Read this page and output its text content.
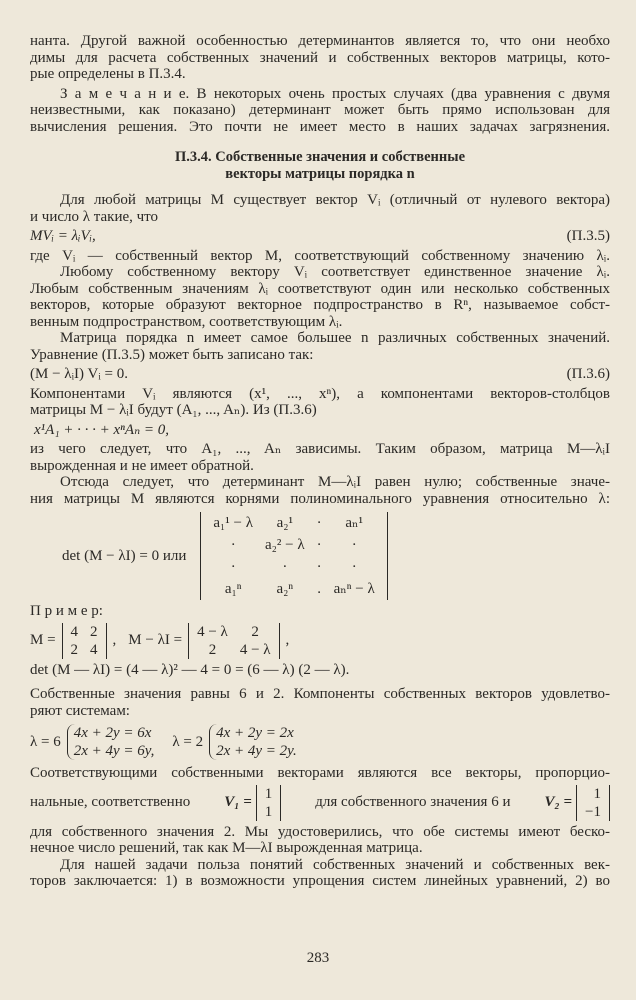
нанта. Другой важной особенностью детерминантов является то, что они необхо
димы для расчета собственных значений и собственных векторов матрицы, кото-
рые определены в П.3.4.
З а м е ч а н и е. В некоторых очень простых случаях (два уравнения с двумя
неизвестными, как показано) детерминант может быть прямо использован для
вычисления решения. Это почти не имеет место в наших задачах загрязнения.
П.3.4. Собственные значения и собственные
векторы матрицы порядка n
Для любой матрицы M существует вектор Vᵢ (отличный от нулевого вектора)
и число λ такие, что
MVᵢ = λᵢVᵢ,	(П.3.5)
где Vᵢ — собственный вектор M, соответствующий собственному значению λᵢ.
Любому собственному вектору Vᵢ соответствует единственное значение λᵢ.
Любым собственным значениям λᵢ соответствуют один или несколько собственных
векторов, которые образуют векторное подпространство в Rⁿ, называемое собст-
венным подпространством, соответствующим λᵢ.
Матрица порядка n имеет самое большее n различных собственных значений.
Уравнение (П.3.5) может быть записано так:
(M − λᵢI) Vᵢ = 0.	(П.3.6)
Компонентами Vᵢ являются (x¹, ..., xⁿ), а компонентами векторов-столбцов
матрицы M − λᵢI будут (A₁, ..., Aₙ). Из (П.3.6)
x¹A₁ + · · · + xⁿAₙ = 0,
из чего следует, что A₁, ..., Aₙ зависимы. Таким образом, матрица M—λᵢI
вырожденная и не имеет обратной.
Отсюда следует, что детерминант M—λᵢI равен нулю; собственные значе-
ния матрицы M являются корнями полиноминального уравнения относительно λ:
det (M − λI) = 0 или
a₁¹ − λ	a₂¹	·	aₙ¹
·	a₂² − λ ·	·
·	·	·	·
a₁ⁿ	a₂ⁿ	. aₙⁿ − λ
П р и м е р:
M =
4 2
2 4
, M − λI =
4 − λ	2
2	4 − λ
,
det (M — λI) = (4 — λ)² — 4 = 0 = (6 — λ) (2 — λ).
Собственные значения равны 6 и 2. Компоненты собственных векторов удовлетво-
ряют системам:
λ = 6
4x + 2y = 6x
2x + 4y = 6y,
λ = 2
4x + 2y = 2x
2x + 4y = 2y.
Соответствующими собственными векторами являются все векторы, пропорцио-
нальные, соответственно V₁ =
1
1
для собственного значения 6 и V₂ =
1
−1
для собственного значения 2. Мы удостоверились, что обе системы имеют беско-
нечное число решений, так как M—λI вырожденная матрица.
Для нашей задачи польза понятий собственных значений и собственных век-
торов заключается: 1) в возможности упрощения систем линейных уравнений, 2) во
283
